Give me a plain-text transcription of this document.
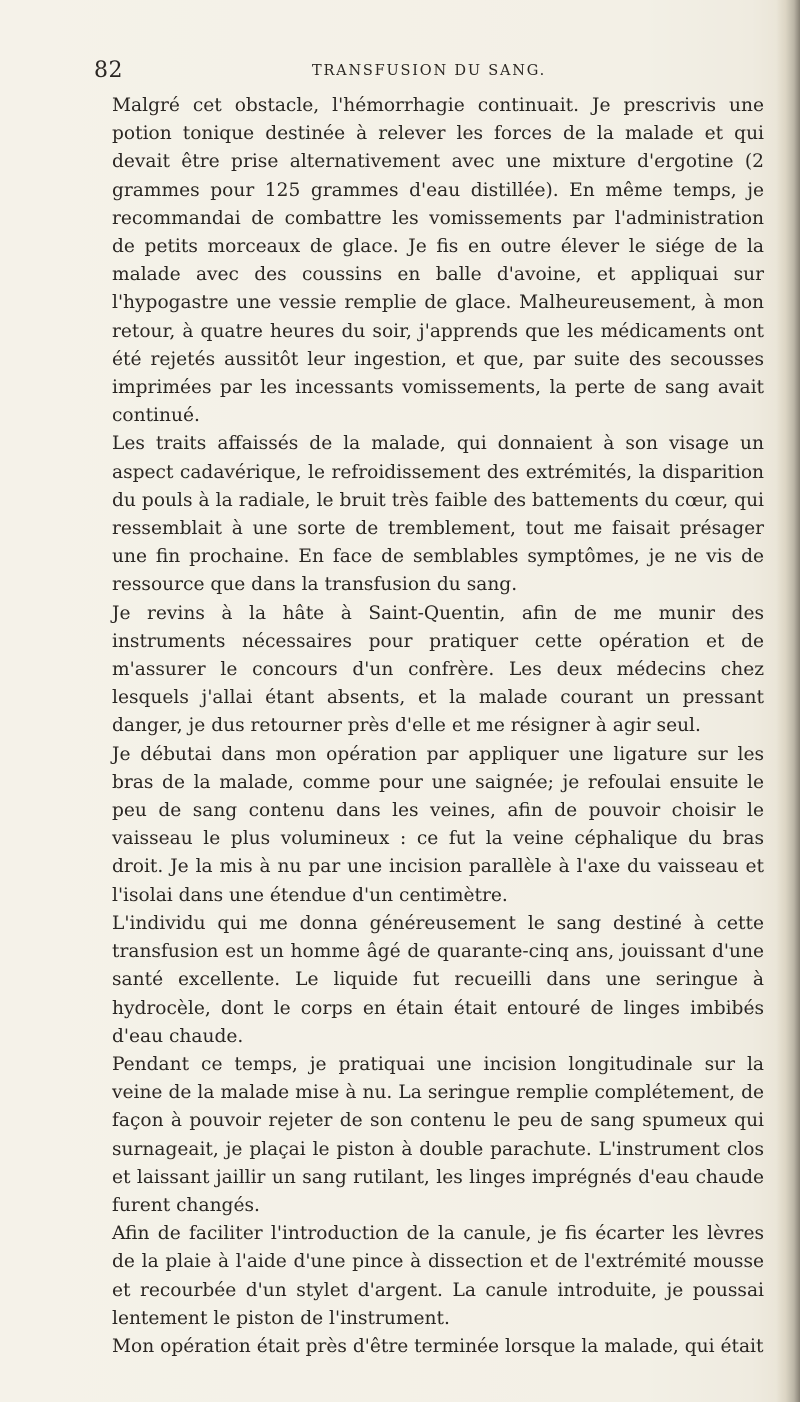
82	TRANSFUSION DU SANG.

Malgré cet obstacle, l'hémorrhagie continuait. Je prescrivis une potion tonique destinée à relever les forces de la malade et qui devait être prise alternativement avec une mixture d'ergotine (2 grammes pour 125 grammes d'eau distillée). En même temps, je recommandai de combattre les vomissements par l'administration de petits morceaux de glace. Je fis en outre élever le siége de la malade avec des coussins en balle d'avoine, et appliquai sur l'hypogastre une vessie remplie de glace. Malheureusement, à mon retour, à quatre heures du soir, j'apprends que les médicaments ont été rejetés aussitôt leur ingestion, et que, par suite des secousses imprimées par les incessants vomissements, la perte de sang avait continué.

Les traits affaissés de la malade, qui donnaient à son visage un aspect cadavérique, le refroidissement des extrémités, la disparition du pouls à la radiale, le bruit très faible des battements du cœur, qui ressemblait à une sorte de tremblement, tout me faisait présager une fin prochaine. En face de semblables symptômes, je ne vis de ressource que dans la transfusion du sang.

Je revins à la hâte à Saint-Quentin, afin de me munir des instruments nécessaires pour pratiquer cette opération et de m'assurer le concours d'un confrère. Les deux médecins chez lesquels j'allai étant absents, et la malade courant un pressant danger, je dus retourner près d'elle et me résigner à agir seul.

Je débutai dans mon opération par appliquer une ligature sur les bras de la malade, comme pour une saignée; je refoulai ensuite le peu de sang contenu dans les veines, afin de pouvoir choisir le vaisseau le plus volumineux : ce fut la veine céphalique du bras droit. Je la mis à nu par une incision parallèle à l'axe du vaisseau et l'isolai dans une étendue d'un centimètre.

L'individu qui me donna généreusement le sang destiné à cette transfusion est un homme âgé de quarante-cinq ans, jouissant d'une santé excellente. Le liquide fut recueilli dans une seringue à hydrocèle, dont le corps en étain était entouré de linges imbibés d'eau chaude.

Pendant ce temps, je pratiquai une incision longitudinale sur la veine de la malade mise à nu. La seringue remplie complétement, de façon à pouvoir rejeter de son contenu le peu de sang spumeux qui surnageait, je plaçai le piston à double parachute. L'instrument clos et laissant jaillir un sang rutilant, les linges imprégnés d'eau chaude furent changés.

Afin de faciliter l'introduction de la canule, je fis écarter les lèvres de la plaie à l'aide d'une pince à dissection et de l'extrémité mousse et recourbée d'un stylet d'argent. La canule introduite, je poussai lentement le piston de l'instrument.

Mon opération était près d'être terminée lorsque la malade, qui était
